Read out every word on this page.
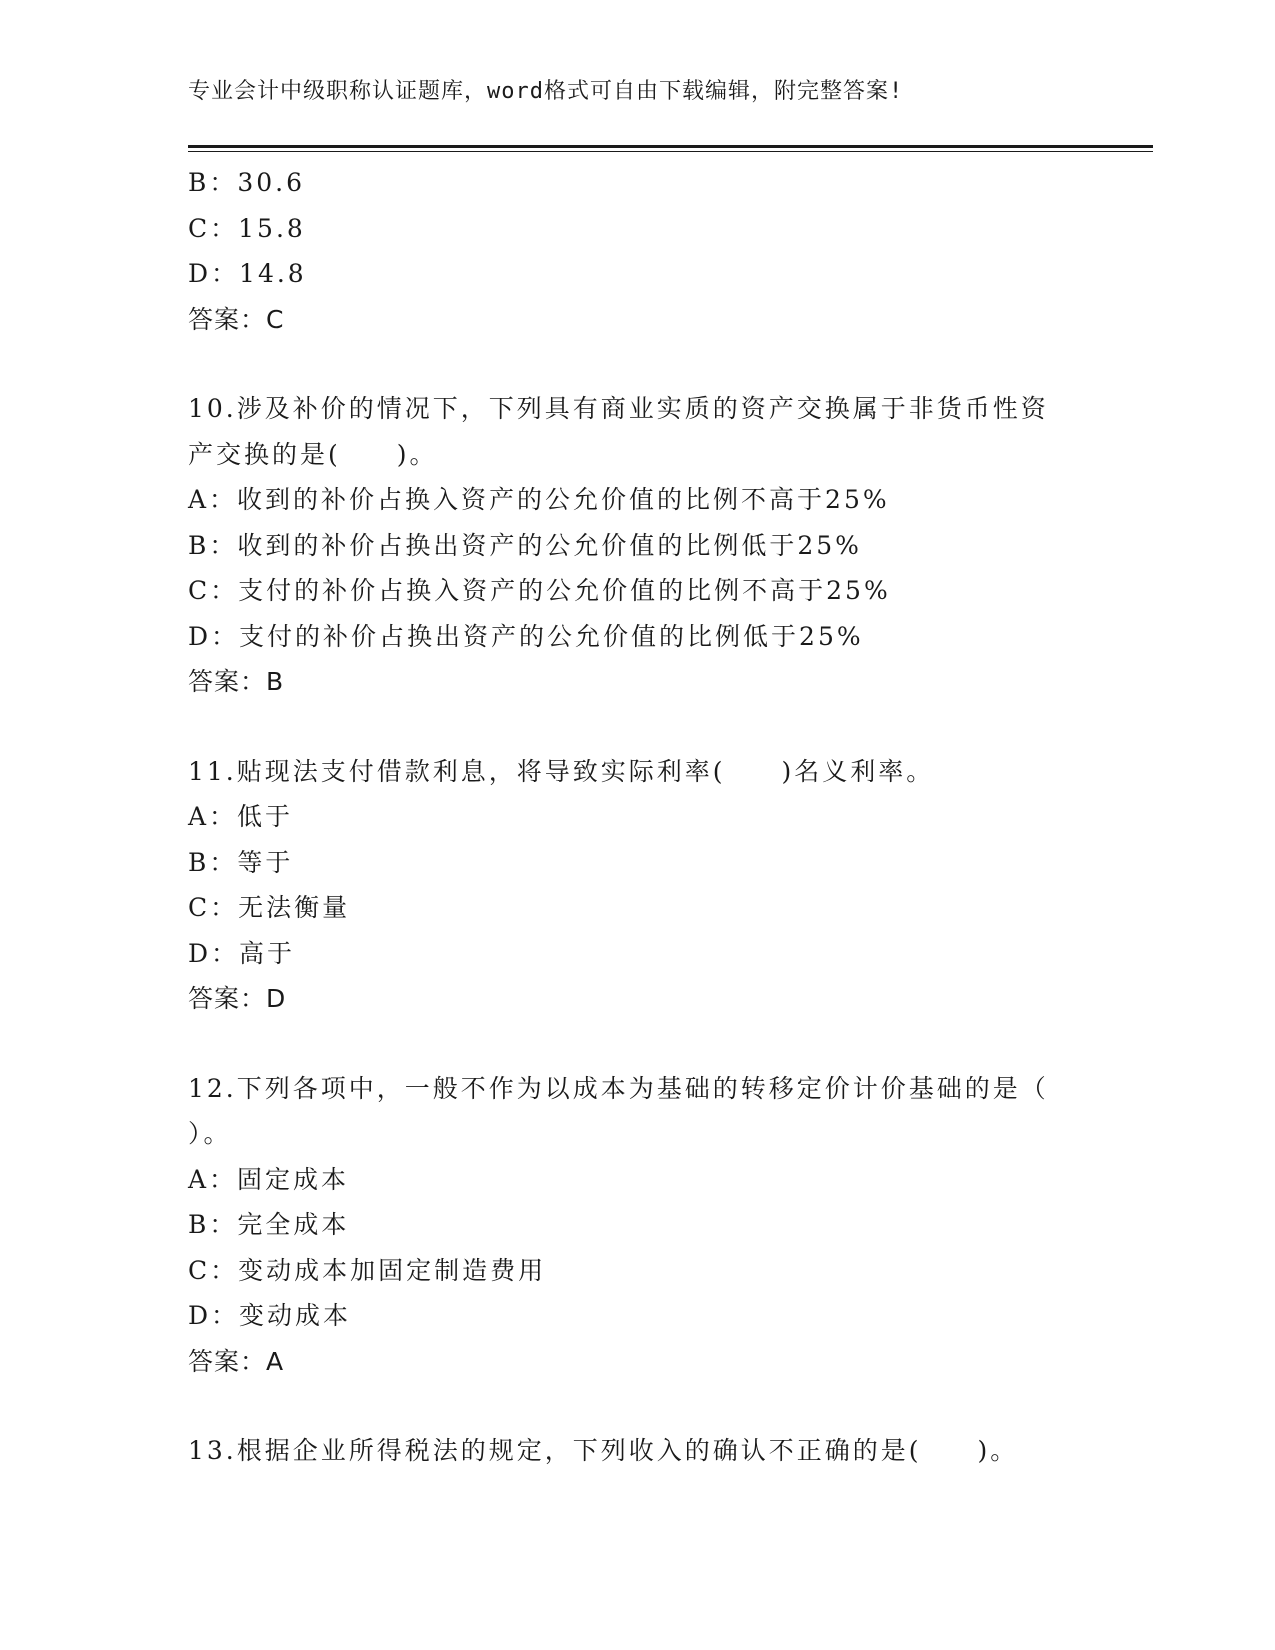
专业会计中级职称认证题库，word格式可自由下载编辑，附完整答案!
B：30.6
C：15.8
D：14.8
答案：C
10.涉及补价的情况下，下列具有商业实质的资产交换属于非货币性资
产交换的是(　　)。
A：收到的补价占换入资产的公允价值的比例不高于25%
B：收到的补价占换出资产的公允价值的比例低于25%
C：支付的补价占换入资产的公允价值的比例不高于25%
D：支付的补价占换出资产的公允价值的比例低于25%
答案：B
11.贴现法支付借款利息，将导致实际利率(　　)名义利率。
A：低于
B：等于
C：无法衡量
D：高于
答案：D
12.下列各项中，一般不作为以成本为基础的转移定价计价基础的是（
）。
A：固定成本
B：完全成本
C：变动成本加固定制造费用
D：变动成本
答案：A
13.根据企业所得税法的规定，下列收入的确认不正确的是(　　)。
